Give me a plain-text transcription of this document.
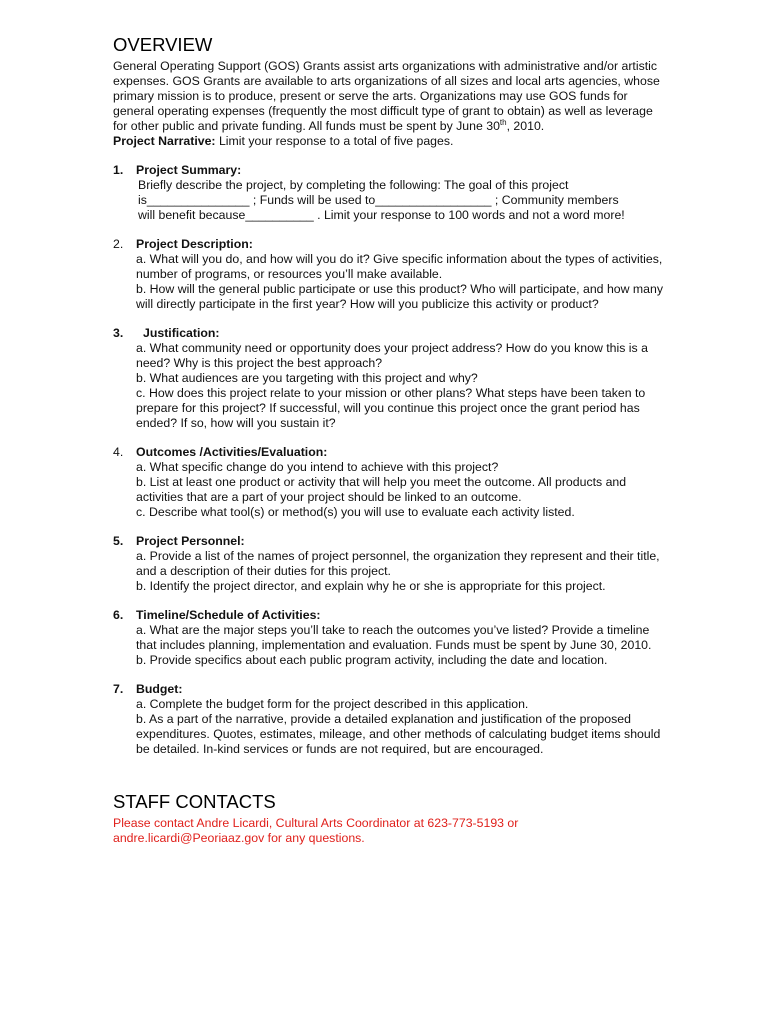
OVERVIEW

General Operating Support (GOS) Grants assist arts organizations with administrative and/or artistic expenses. GOS Grants are available to arts organizations of all sizes and local arts agencies, whose primary mission is to produce, present or serve the arts. Organizations may use GOS funds for general operating expenses (frequently the most difficult type of grant to obtain) as well as leverage for other public and private funding. All funds must be spent by June 30th, 2010.

Project Narrative: Limit your response to a total of five pages.

1. Project Summary:
Briefly describe the project, by completing the following: The goal of this project
is_______________ ; Funds will be used to_________________ ; Community members
will benefit because__________ . Limit your response to 100 words and not a word more!
2. Project Description:
a. What will you do, and how will you do it? Give specific information about the types of activities, number of programs, or resources you’ll make available.
b. How will the general public participate or use this product? Who will participate, and how many will directly participate in the first year? How will you publicize this activity or product?
3.	Justification:
a. What community need or opportunity does your project address? How do you know this is a need? Why is this project the best approach?
b. What audiences are you targeting with this project and why?
c. How does this project relate to your mission or other plans? What steps have been taken to prepare for this project? If successful, will you continue this project once the grant period has ended? If so, how will you sustain it?
4. Outcomes /Activities/Evaluation:
a. What specific change do you intend to achieve with this project?
b. List at least one product or activity that will help you meet the outcome. All products and activities that are a part of your project should be linked to an outcome.
c. Describe what tool(s) or method(s) you will use to evaluate each activity listed.
5. Project Personnel:
a. Provide a list of the names of project personnel, the organization they represent and their title, and a description of their duties for this project.
b. Identify the project director, and explain why he or she is appropriate for this project.
6. Timeline/Schedule of Activities:
a. What are the major steps you’ll take to reach the outcomes you’ve listed? Provide a timeline that includes planning, implementation and evaluation. Funds must be spent by June 30, 2010.
b. Provide specifics about each public program activity, including the date and location.
7. Budget:
a. Complete the budget form for the project described in this application.
b. As a part of the narrative, provide a detailed explanation and justification of the proposed expenditures. Quotes, estimates, mileage, and other methods of calculating budget items should be detailed. In-kind services or funds are not required, but are encouraged.
STAFF CONTACTS
Please contact Andre Licardi, Cultural Arts Coordinator at 623-773-5193 or
andre.licardi@Peoriaaz.gov for any questions.
